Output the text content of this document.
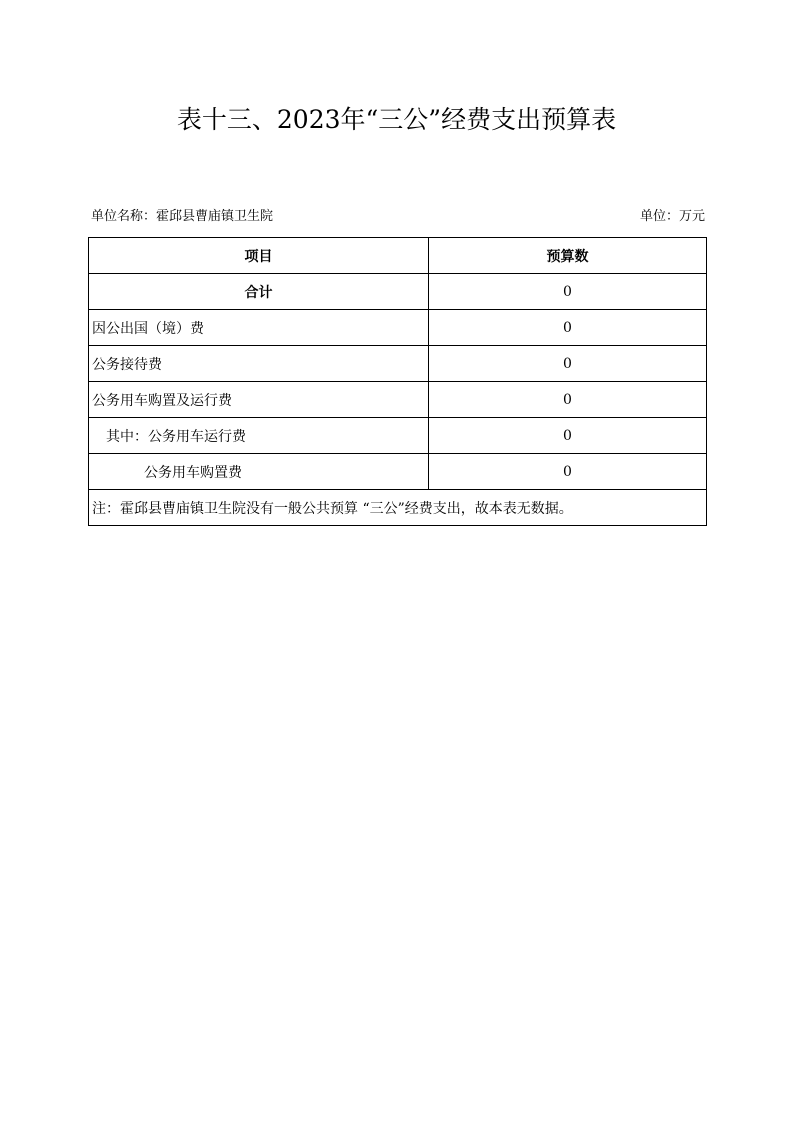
表十三、2023年“三公”经费支出预算表
单位名称：霍邱县曹庙镇卫生院	单位：万元
项目	预算数
合计	0
因公出国（境）费	0
公务接待费	0
公务用车购置及运行费	0
其中：公务用车运行费	0
公务用车购置费	0
注：霍邱县曹庙镇卫生院没有一般公共预算 “三公”经费支出，故本表无数据。	
